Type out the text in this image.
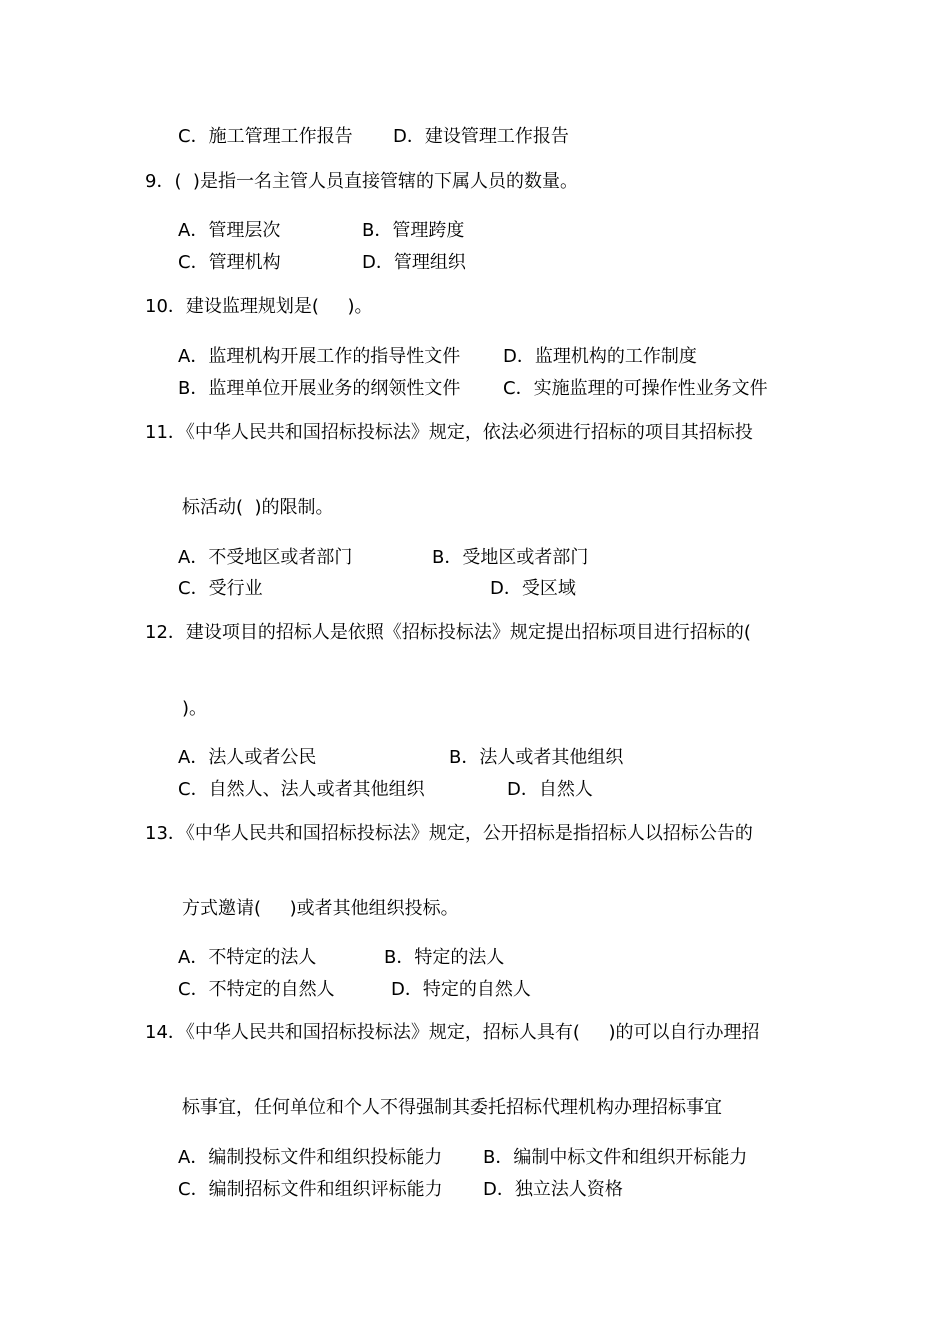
C．施工管理工作报告 D．建设管理工作报告

9．(  )是指一名主管人员直接管辖的下属人员的数量。

A．管理层次	B．管理跨度

C．管理机构	D．管理组织

10．建设监理规划是(     )。

A．监理机构开展工作的指导性文件 D．监理机构的工作制度

B．监理单位开展业务的纲领性文件 C．实施监理的可操作性业务文件

11．《中华人民共和国招标投标法》规定，依法必须进行招标的项目其招标投

标活动(  )的限制。

A．不受地区或者部门	B．受地区或者部门

C．受行业	D．受区域

12．建设项目的招标人是依照《招标投标法》规定提出招标项目进行招标的(

)。

A．法人或者公民	B．法人或者其他组织

C．自然人、法人或者其他组织	D．自然人

13．《中华人民共和国招标投标法》规定，公开招标是指招标人以招标公告的

方式邀请(     )或者其他组织投标。

A．不特定的法人	B．特定的法人

C．不特定的自然人	D．特定的自然人

14．《中华人民共和国招标投标法》规定，招标人具有(     )的可以自行办理招

标事宜，任何单位和个人不得强制其委托招标代理机构办理招标事宜

A．编制投标文件和组织投标能力 B．编制中标文件和组织开标能力

C．编制招标文件和组织评标能力 D．独立法人资格
